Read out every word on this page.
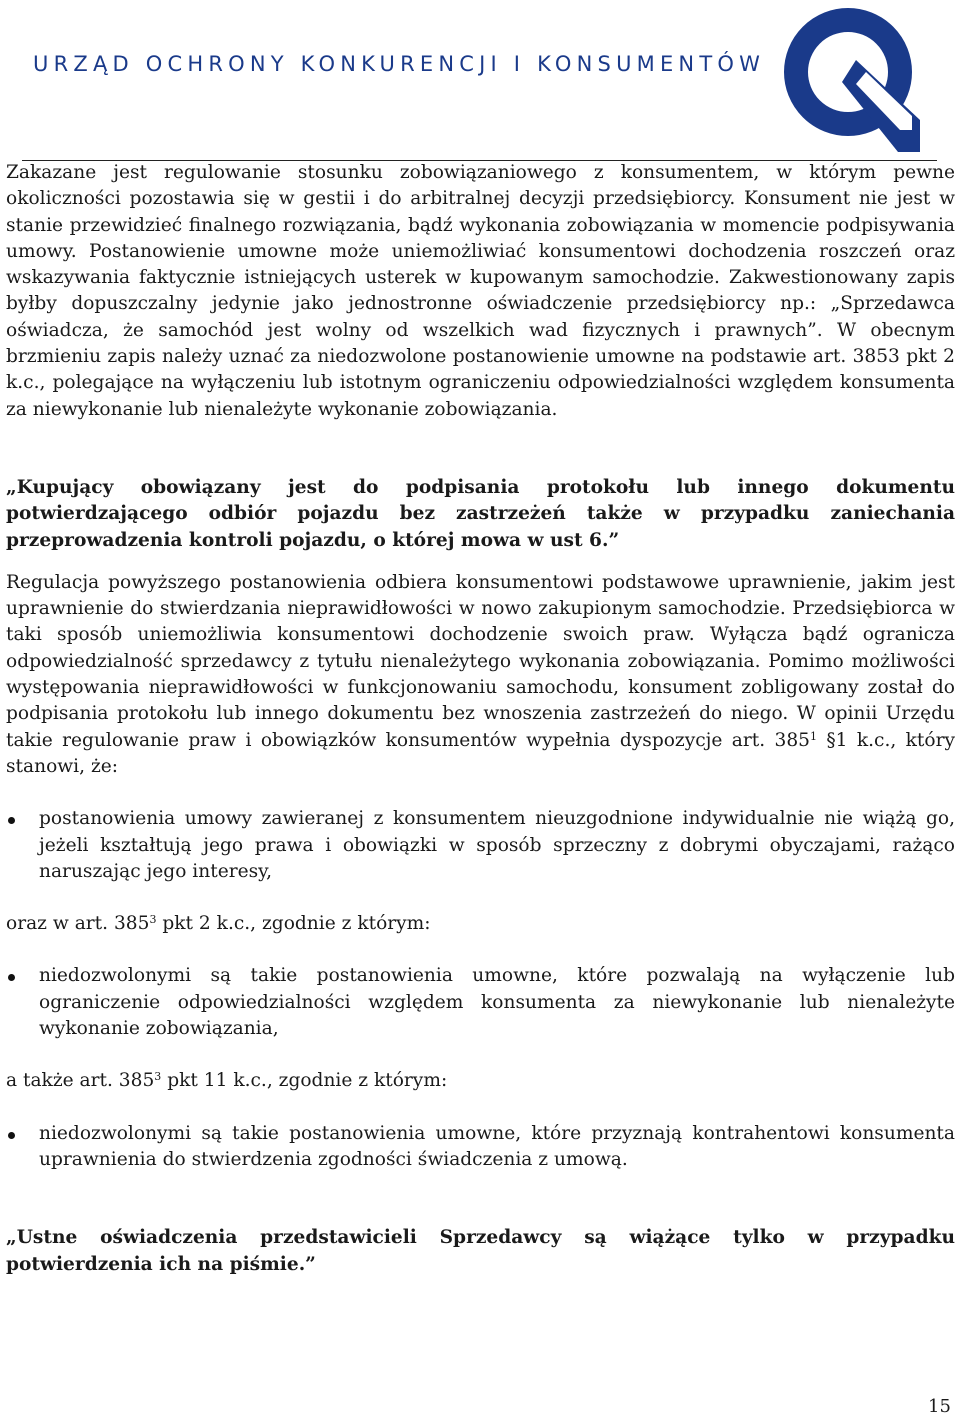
URZĄD OCHRONY KONKURENCJI I KONSUMENTÓW

Zakazane jest regulowanie stosunku zobowiązaniowego z konsumentem, w którym pewne okoliczności pozostawia się w gestii i do arbitralnej decyzji przedsiębiorcy. Konsument nie jest w stanie przewidzieć finalnego rozwiązania, bądź wykonania zobowiązania w momencie podpisywania umowy. Postanowienie umowne może uniemożliwiać konsumentowi dochodzenia roszczeń oraz wskazywania faktycznie istniejących usterek w kupowanym samochodzie. Zakwestionowany zapis byłby dopuszczalny jedynie jako jednostronne oświadczenie przedsiębiorcy np.: „Sprzedawca oświadcza, że samochód jest wolny od wszelkich wad fizycznych i prawnych”. W obecnym brzmieniu zapis należy uznać za niedozwolone postanowienie umowne na podstawie art. 3853 pkt 2 k.c., polegające na wyłączeniu lub istotnym ograniczeniu odpowiedzialności względem konsumenta za niewykonanie lub nienależyte wykonanie zobowiązania.

„Kupujący obowiązany jest do podpisania protokołu lub innego dokumentu potwierdzającego odbiór pojazdu bez zastrzeżeń także w przypadku zaniechania przeprowadzenia kontroli pojazdu, o której mowa w ust 6.”

Regulacja powyższego postanowienia odbiera konsumentowi podstawowe uprawnienie, jakim jest uprawnienie do stwierdzania nieprawidłowości w nowo zakupionym samochodzie. Przedsiębiorca w taki sposób uniemożliwia konsumentowi dochodzenie swoich praw. Wyłącza bądź ogranicza odpowiedzialność sprzedawcy z tytułu nienależytego wykonania zobowiązania. Pomimo możliwości występowania nieprawidłowości w funkcjonowaniu samochodu, konsument zobligowany został do podpisania protokołu lub innego dokumentu bez wnoszenia zastrzeżeń do niego. W opinii Urzędu takie regulowanie praw i obowiązków konsumentów wypełnia dyspozycje art. $385^1$ §1 k.c., który stanowi, że:

postanowienia umowy zawieranej z konsumentem nieuzgodnione indywidualnie nie wiążą go, jeżeli kształtują jego prawa i obowiązki w sposób sprzeczny z dobrymi obyczajami, rażąco naruszając jego interesy,

oraz w art. $385^3$ pkt 2 k.c., zgodnie z którym:

niedozwolonymi są takie postanowienia umowne, które pozwalają na wyłączenie lub ograniczenie odpowiedzialności względem konsumenta za niewykonanie lub nienależyte wykonanie zobowiązania,

a także art. $385^3$ pkt 11 k.c., zgodnie z którym:

niedozwolonymi są takie postanowienia umowne, które przyznają kontrahentowi konsumenta uprawnienia do stwierdzenia zgodności świadczenia z umową.

„Ustne oświadczenia przedstawicieli Sprzedawcy są wiążące tylko w przypadku potwierdzenia ich na piśmie.”

15
